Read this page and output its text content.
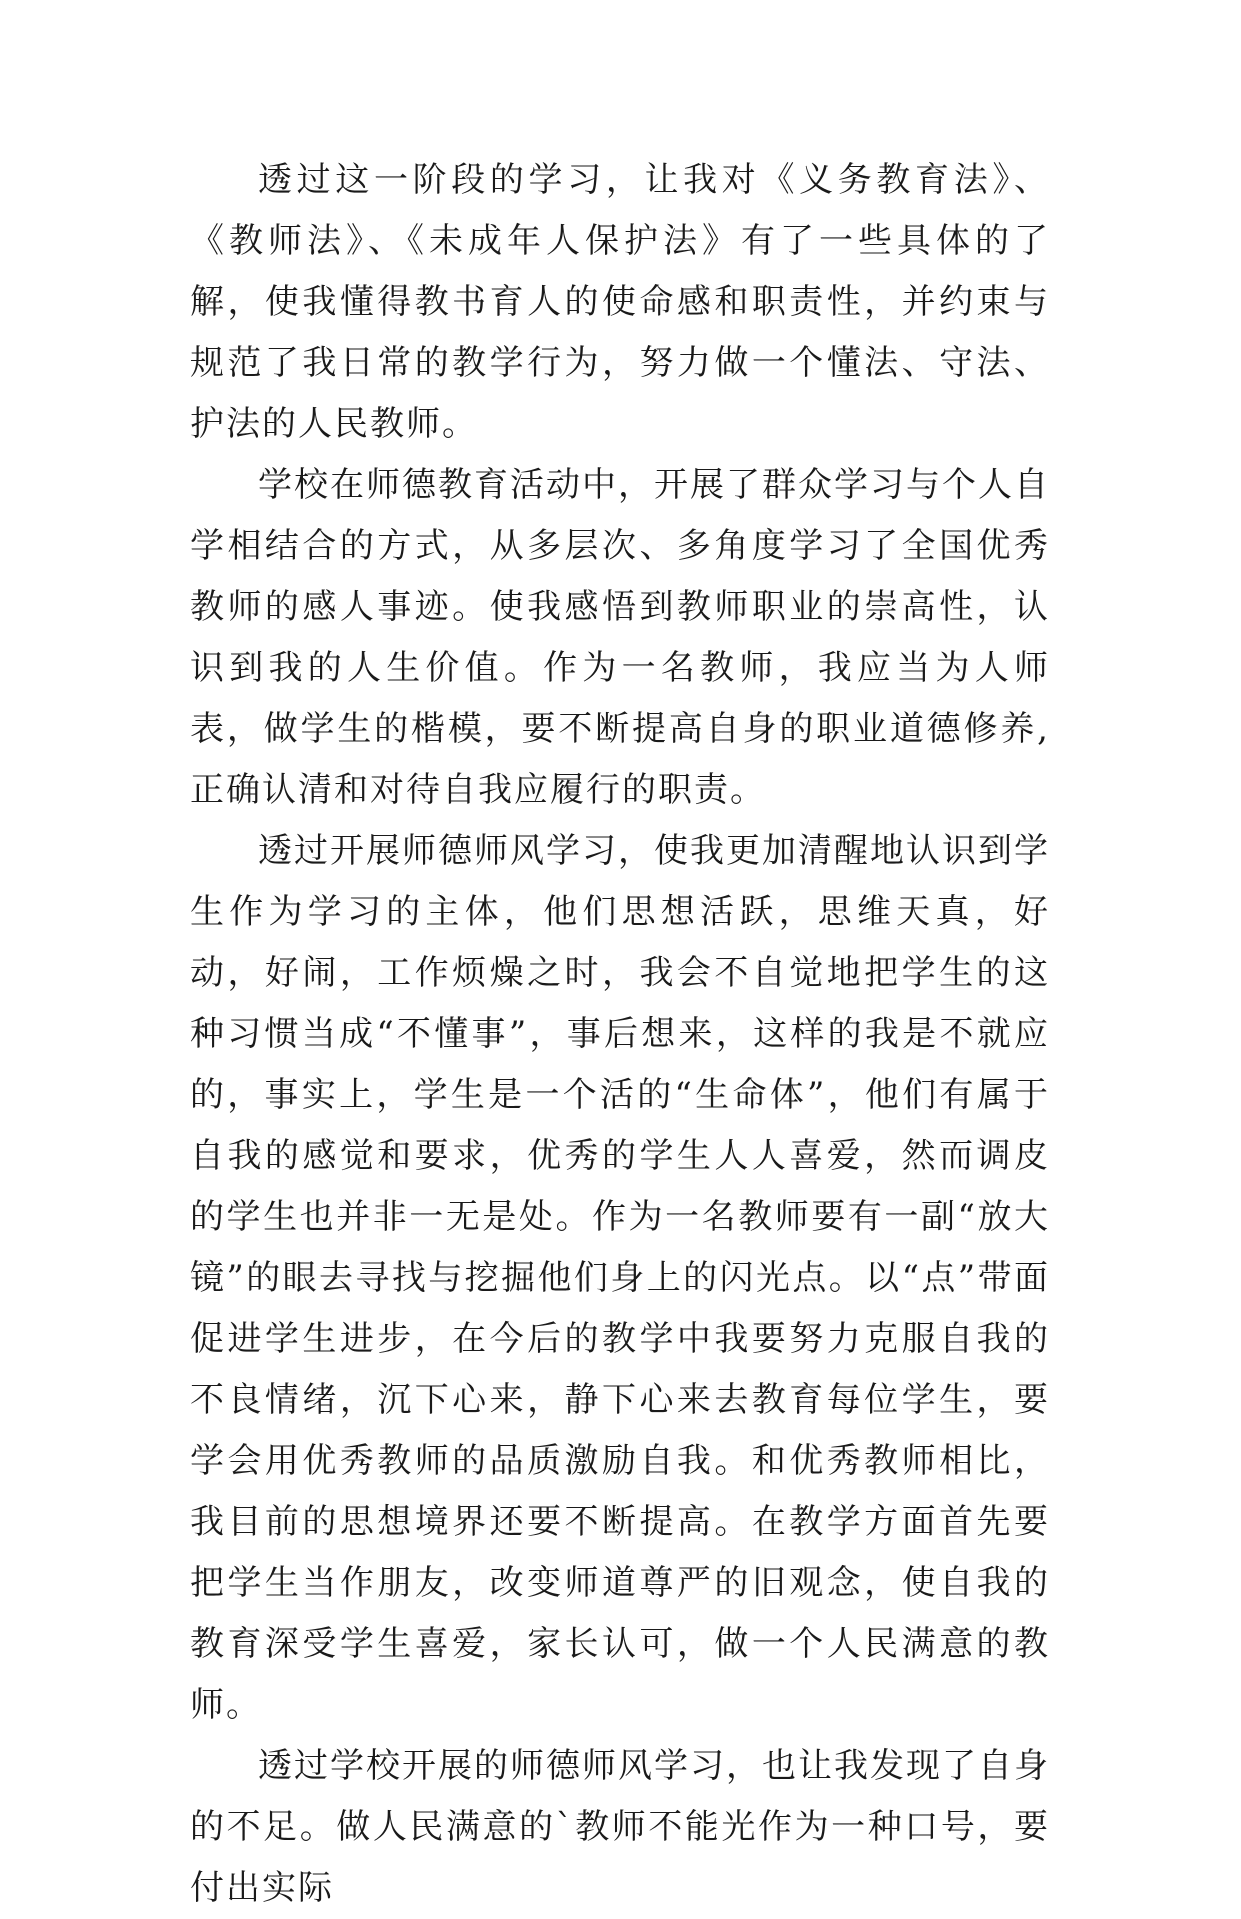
透过这一阶段的学习，让我对《义务教育法》、《教师法》、《未成年人保护法》有了一些具体的了解，使我懂得教书育人的使命感和职责性，并约束与规范了我日常的教学行为，努力做一个懂法、守法、护法的人民教师。

学校在师德教育活动中，开展了群众学习与个人自学相结合的方式，从多层次、多角度学习了全国优秀教师的感人事迹。使我感悟到教师职业的崇高性，认识到我的人生价值。作为一名教师，我应当为人师表，做学生的楷模，要不断提高自身的职业道德修养,正确认清和对待自我应履行的职责。

透过开展师德师风学习，使我更加清醒地认识到学生作为学习的主体，他们思想活跃，思维天真，好动，好闹，工作烦燥之时，我会不自觉地把学生的这种习惯当成“不懂事”，事后想来，这样的我是不就应的，事实上，学生是一个活的“生命体”，他们有属于自我的感觉和要求，优秀的学生人人喜爱，然而调皮的学生也并非一无是处。作为一名教师要有一副“放大镜”的眼去寻找与挖掘他们身上的闪光点。以“点”带面促进学生进步，在今后的教学中我要努力克服自我的不良情绪，沉下心来，静下心来去教育每位学生，要学会用优秀教师的品质激励自我。和优秀教师相比，我目前的思想境界还要不断提高。在教学方面首先要把学生当作朋友，改变师道尊严的旧观念，使自我的教育深受学生喜爱，家长认可，做一个人民满意的教师。

透过学校开展的师德师风学习，也让我发现了自身的不足。做人民满意的`教师不能光作为一种口号，要付出实际
